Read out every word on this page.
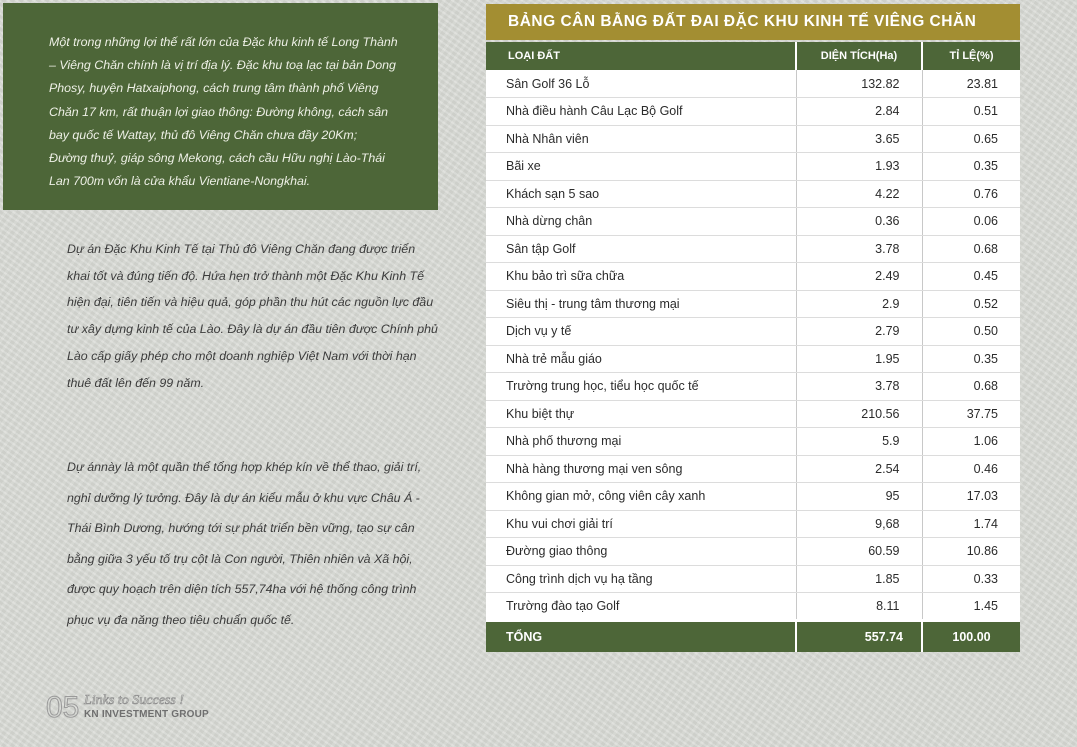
Một trong những lợi thế rất lớn của Đặc khu kinh tế Long Thành – Viêng Chăn chính là vị trí địa lý. Đặc khu toạ lạc tại bản Dong Phosy, huyện Hatxaiphong, cách trung tâm thành phố Viêng Chăn 17 km, rất thuận lợi giao thông: Đường không, cách sân bay quốc tế Wattay, thủ đô Viêng Chăn chưa đầy 20Km; Đường thuỷ, giáp sông Mekong, cách cầu Hữu nghị Lào-Thái Lan 700m vốn là cửa khẩu Vientiane-Nongkhai.

Dự án Đặc Khu Kinh Tế tại Thủ đô Viêng Chăn đang được triển khai tốt và đúng tiến độ. Hứa hẹn trở thành một Đặc Khu Kinh Tế hiện đại, tiên tiến và hiệu quả, góp phần thu hút các nguồn lực đầu tư xây dựng kinh tế của Lào. Đây là dự án đầu tiên được Chính phủ Lào cấp giấy phép cho một doanh nghiệp Việt Nam với thời hạn thuê đất lên đến 99 năm.

Dự ánnày là một quần thể tổng hợp khép kín về thể thao, giải trí, nghỉ dưỡng lý tưởng. Đây là dự án kiểu mẫu ở khu vực Châu Á - Thái Bình Dương, hướng tới sự phát triển bền vững, tạo sự cân bằng giữa 3 yếu tố trụ cột là Con người, Thiên nhiên và Xã hội, được quy hoạch trên diện tích 557,74ha với hệ thống công trình phục vụ đa năng theo tiêu chuẩn quốc tế.

05 Links to Success !
KN INVESTMENT GROUP
BẢNG CÂN BẰNG ĐẤT ĐAI ĐẶC KHU KINH TẾ VIÊNG CHĂN
LOẠI ĐẤT	DIỆN TÍCH(Ha)	TỈ LỆ(%)
Sân Golf 36 Lỗ	132.82	23.81
Nhà điều hành Câu Lạc Bộ Golf	2.84	0.51
Nhà Nhân viên	3.65	0.65
Bãi xe	1.93	0.35
Khách sạn 5 sao	4.22	0.76
Nhà dừng chân	0.36	0.06
Sân tập Golf	3.78	0.68
Khu bảo trì sữa chữa	2.49	0.45
Siêu thị - trung tâm thương mại	2.9	0.52
Dịch vụ y tế	2.79	0.50
Nhà trẻ mẫu giáo	1.95	0.35
Trường trung học, tiểu học quốc tế	3.78	0.68
Khu biệt thự	210.56	37.75
Nhà phố thương mại	5.9	1.06
Nhà hàng thương mại ven sông	2.54	0.46
Không gian mở, công viên cây xanh	95	17.03
Khu vui chơi giải trí	9,68	1.74
Đường giao thông	60.59	10.86
Công trình dịch vụ hạ tầng	1.85	0.33
Trường đào tạo Golf	8.11	1.45
TỔNG	557.74	100.00
